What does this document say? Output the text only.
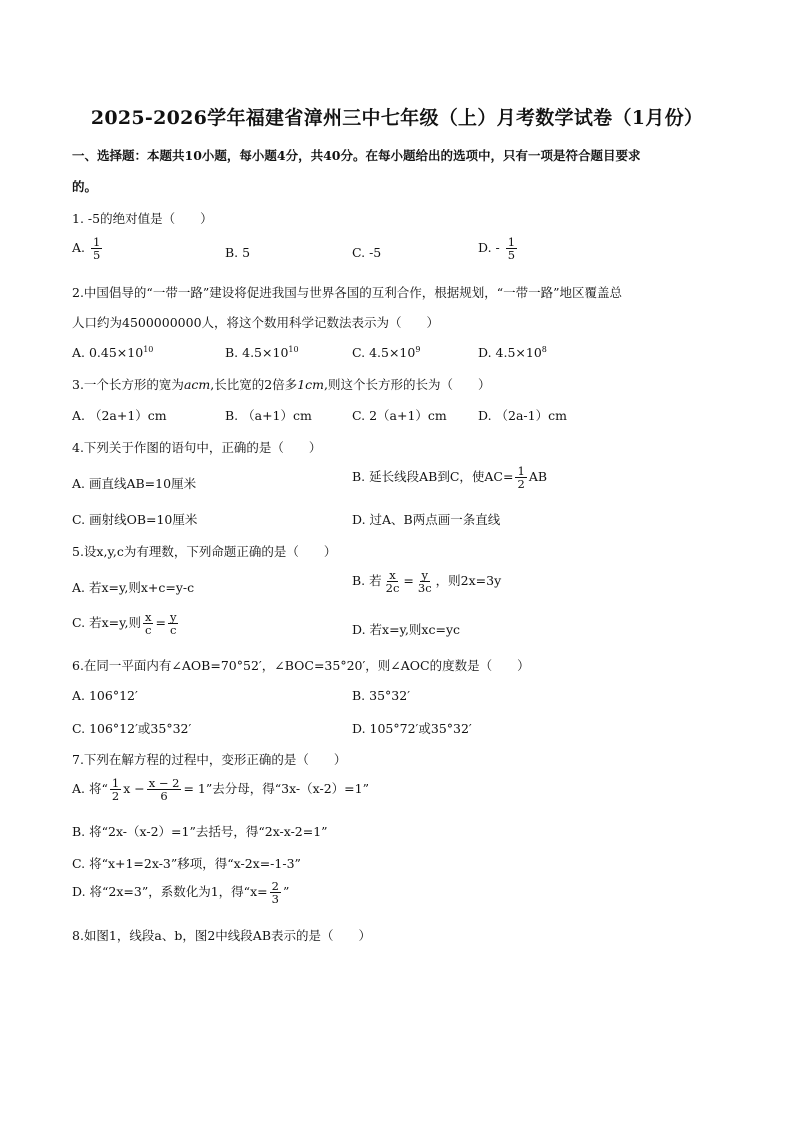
2025-2026学年福建省漳州三中七年级（上）月考数学试卷（1月份）
一、选择题：本题共10小题，每小题4分，共40分。在每小题给出的选项中，只有一项是符合题目要求
的。
1. -5的绝对值是（　　）
A. $\frac{1}{5}$	B. 5	C. -5	D. - $\frac{1}{5}$
2.中国倡导的“一带一路”建设将促进我国与世界各国的互利合作，根据规划，“一带一路”地区覆盖总
人口约为4500000000人，将这个数用科学记数法表示为（　　）
A. $0.45\times 10^{10}$	B. $4.5\times 10^{10}$	C. $4.5\times 10^9$	D. $4.5\times 10^8$
3.一个长方形的宽为acm,长比宽的2倍多1cm,则这个长方形的长为（　　）
A. （2a+1）cm	B. （a+1）cm	C. 2（a+1）cm D. （2a-1）cm
4.下列关于作图的语句中，正确的是（　　）
A. 画直线AB=10厘米	B. 延长线段AB到C，使$AC= \frac{1}{2}$ AB
C. 画射线OB=10厘米	D. 过A、B两点画一条直线
5.设x,y,c为有理数，下列命题正确的是（　　）
A. 若x=y,则x+c=y-c	B. 若 $\frac{x}{2c} = \frac{y}{3c}$ ，则2x=3y
C. 若x=y,则 $\frac{x}{c} = \frac{y}{c}$	D. 若x=y,则xc=yc
6.在同一平面内有∠AOB=70°52′，∠BOC=35°20′，则∠AOC的度数是（　　）
A. 106°12′	B. 35°32′
C. 106°12′或35°32′	D. 105°72′或35°32′
7.下列在解方程的过程中，变形正确的是（　　）
A. 将“ $\frac{1}{2}$ $x - \frac{x - 2}{6} = 1$”去分母，得“3x-（x-2）=1”
B. 将“2x-（x-2）=1”去括号，得“2x-x-2=1”
C. 将“x+1=2x-3”移项，得“x-2x=-1-3”
D. 将“2x=3”，系数化为1，得“$x= \frac{2}{3}$ ”
8.如图1，线段a、b，图2中线段AB表示的是（　　）
